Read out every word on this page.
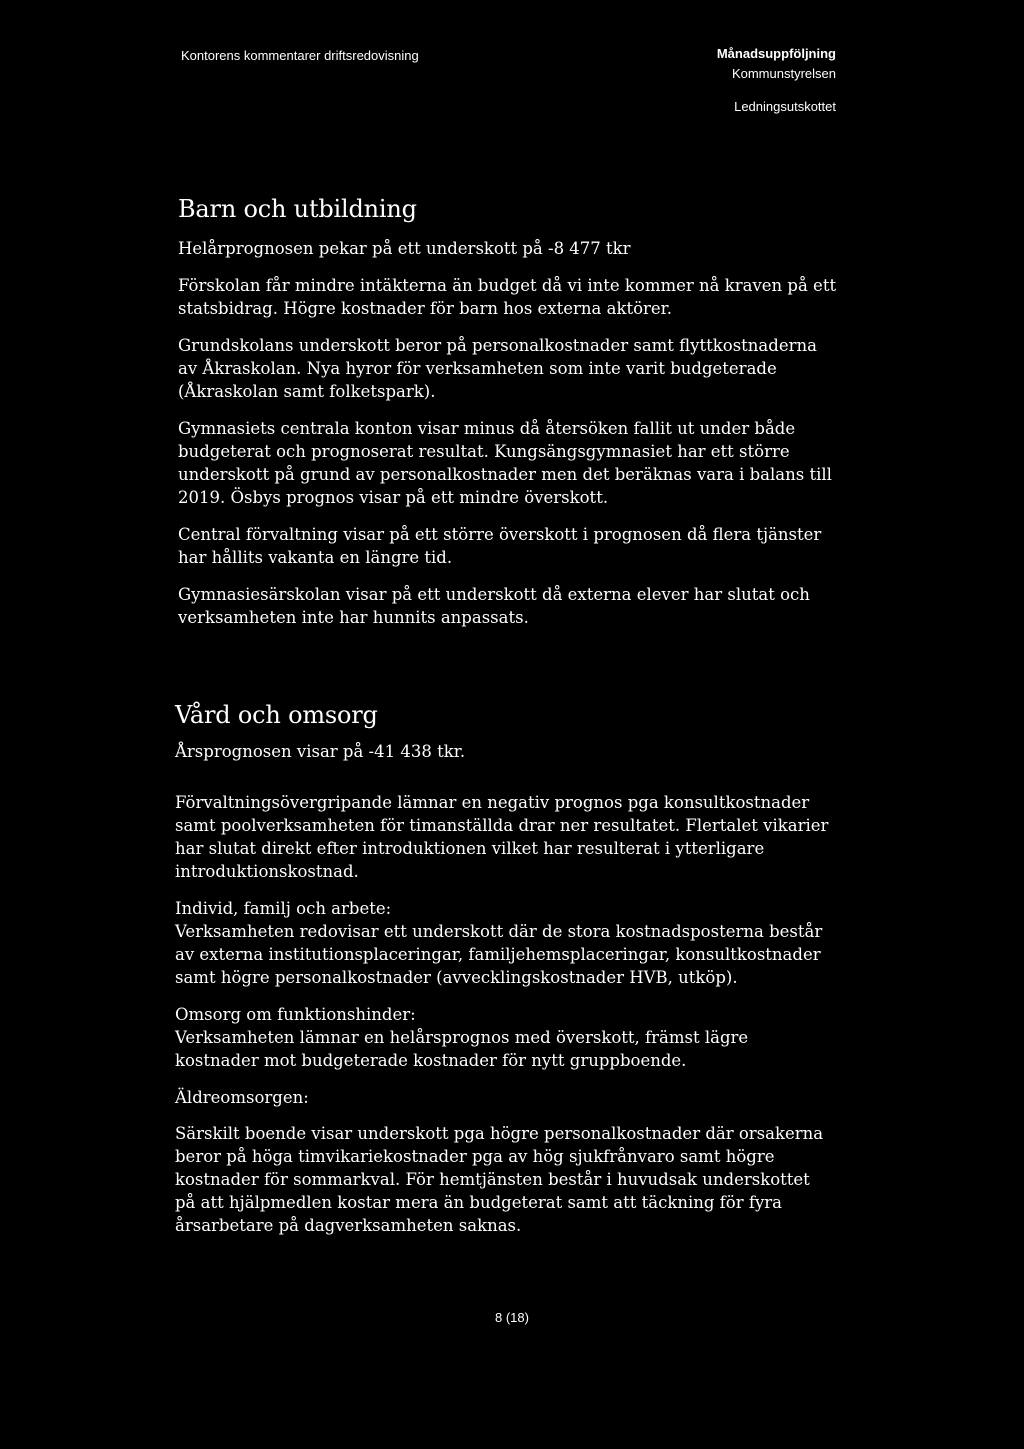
Kontorens kommentarer driftsredovisning	Månadsuppföljning
Kommunstyrelsen
Ledningsutskottet
Barn och utbildning

Helårprognosen pekar på ett underskott på -8 477 tkr

Förskolan får mindre intäkterna än budget då vi inte kommer nå kraven på ett statsbidrag. Högre kostnader för barn hos externa aktörer.

Grundskolans underskott beror på personalkostnader samt flyttkostnaderna av Åkraskolan. Nya hyror för verksamheten som inte varit budgeterade (Åkraskolan samt folketspark).

Gymnasiets centrala konton visar minus då återsöken fallit ut under både budgeterat och prognoserat resultat. Kungsängsgymnasiet har ett större underskott på grund av personalkostnader men det beräknas vara i balans till 2019. Ösbys prognos visar på ett mindre överskott.

Central förvaltning visar på ett större överskott i prognosen då flera tjänster har hållits vakanta en längre tid.

Gymnasiesärskolan visar på ett underskott då externa elever har slutat och verksamheten inte har hunnits anpassats.

Vård och omsorg

Årsprognosen visar på -41 438 tkr.

Förvaltningsövergripande lämnar en negativ prognos pga konsultkostnader samt poolverksamheten för timanställda drar ner resultatet. Flertalet vikarier har slutat direkt efter introduktionen vilket har resulterat i ytterligare introduktionskostnad.

Individ, familj och arbete:

Verksamheten redovisar ett underskott där de stora kostnadsposterna består av externa institutionsplaceringar, familjehemsplaceringar, konsultkostnader samt högre personalkostnader (avvecklingskostnader HVB, utköp).

Omsorg om funktionshinder:

Verksamheten lämnar en helårsprognos med överskott, främst lägre kostnader mot budgeterade kostnader för nytt gruppboende.

Äldreomsorgen:

Särskilt boende visar underskott pga högre personalkostnader där orsakerna beror på höga timvikariekostnader pga av hög sjukfrånvaro samt högre kostnader för sommarkval. För hemtjänsten består i huvudsak underskottet på att hjälpmedlen kostar mera än budgeterat samt att täckning för fyra årsarbetare på dagverksamheten saknas.

8 (18)
